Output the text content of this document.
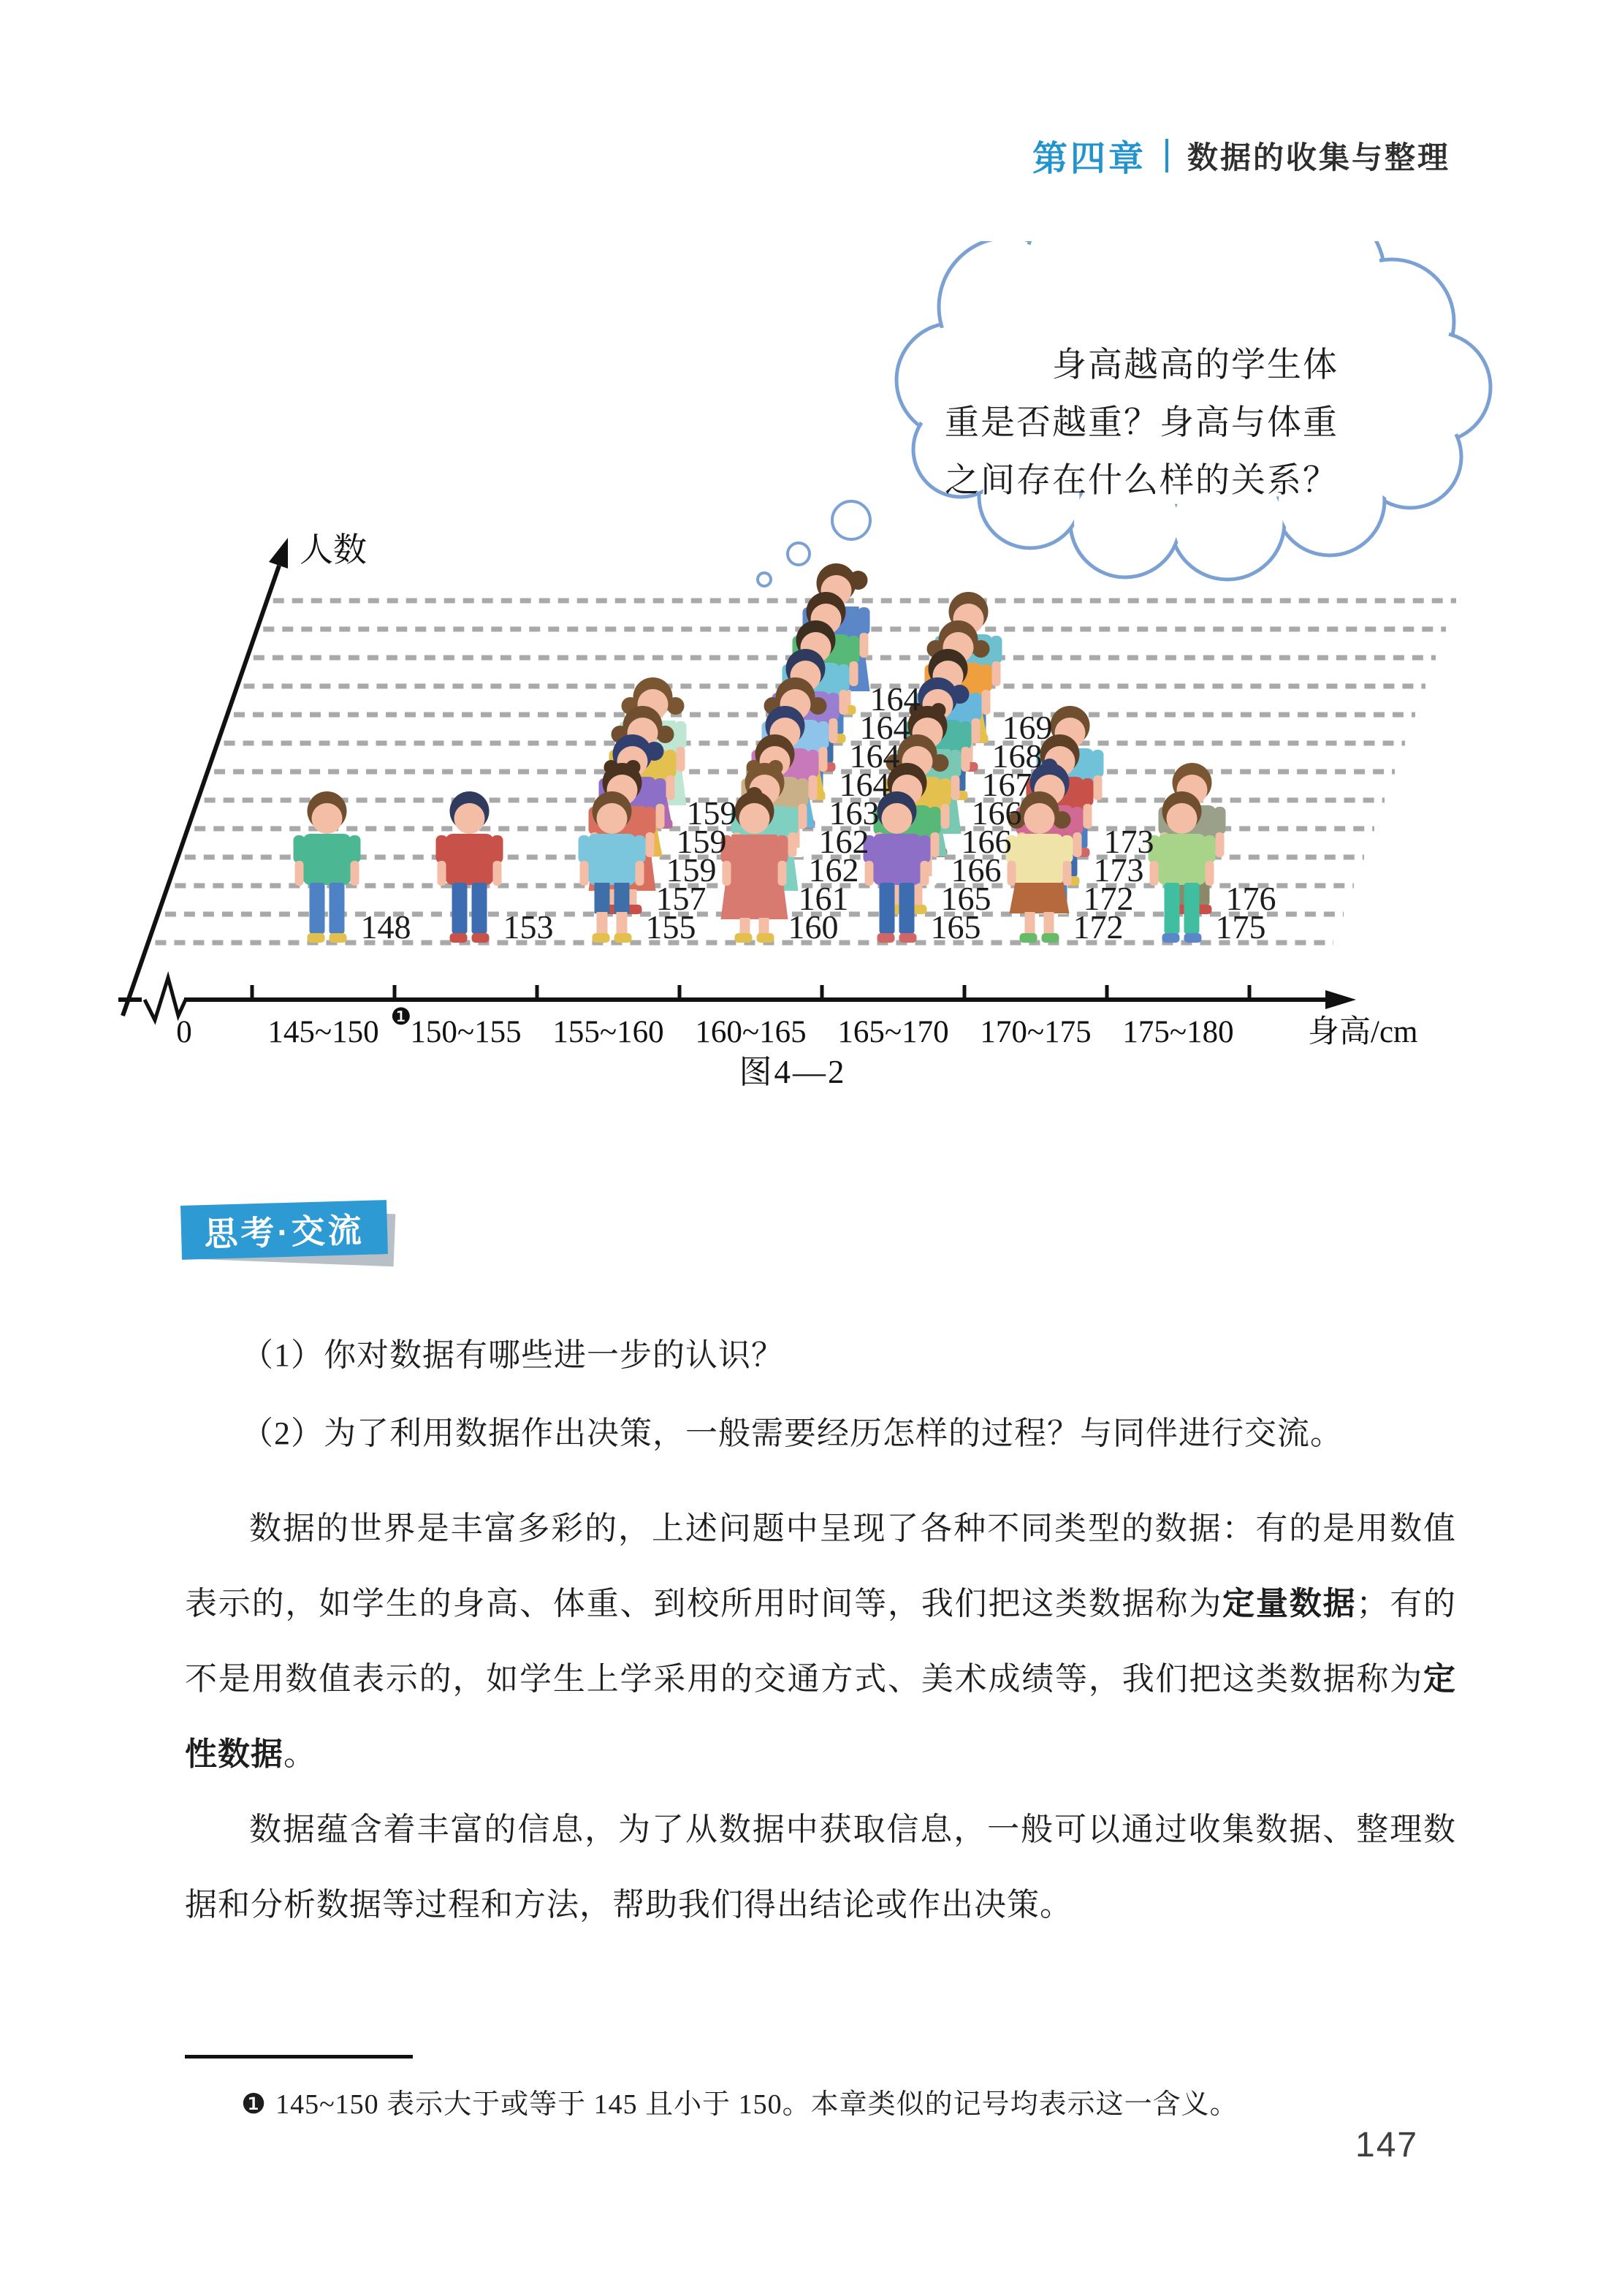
第四章 数据的收集与整理
身高越高的学生体
重是否越重？身高与体重
之间存在什么样的关系？
人数
身高/cm
0 145~150 ❶
150~155 155~160 160~165 165~170 170~175 175~180
图4—2
148	153	155
157
159
159
159
160
161
162
162
163
164
164
164
164
165
165
166
166
166
167
168
169
172
172
173
173
175
176
思考·交流
（1）你对数据有哪些进一步的认识？
（2）为了利用数据作出决策，一般需要经历怎样的过程？与同伴进行交流。

数据的世界是丰富多彩的，上述问题中呈现了各种不同类型的数据：有的是用数值表示的，如学生的身高、体重、到校所用时间等，我们把这类数据称为定量数据；有的不是用数值表示的，如学生上学采用的交通方式、美术成绩等，我们把这类数据称为定性数据。

数据蕴含着丰富的信息，为了从数据中获取信息，一般可以通过收集数据、整理数据和分析数据等过程和方法，帮助我们得出结论或作出决策。

❶ 145~150 表示大于或等于 145 且小于 150。本章类似的记号均表示这一含义。
147
